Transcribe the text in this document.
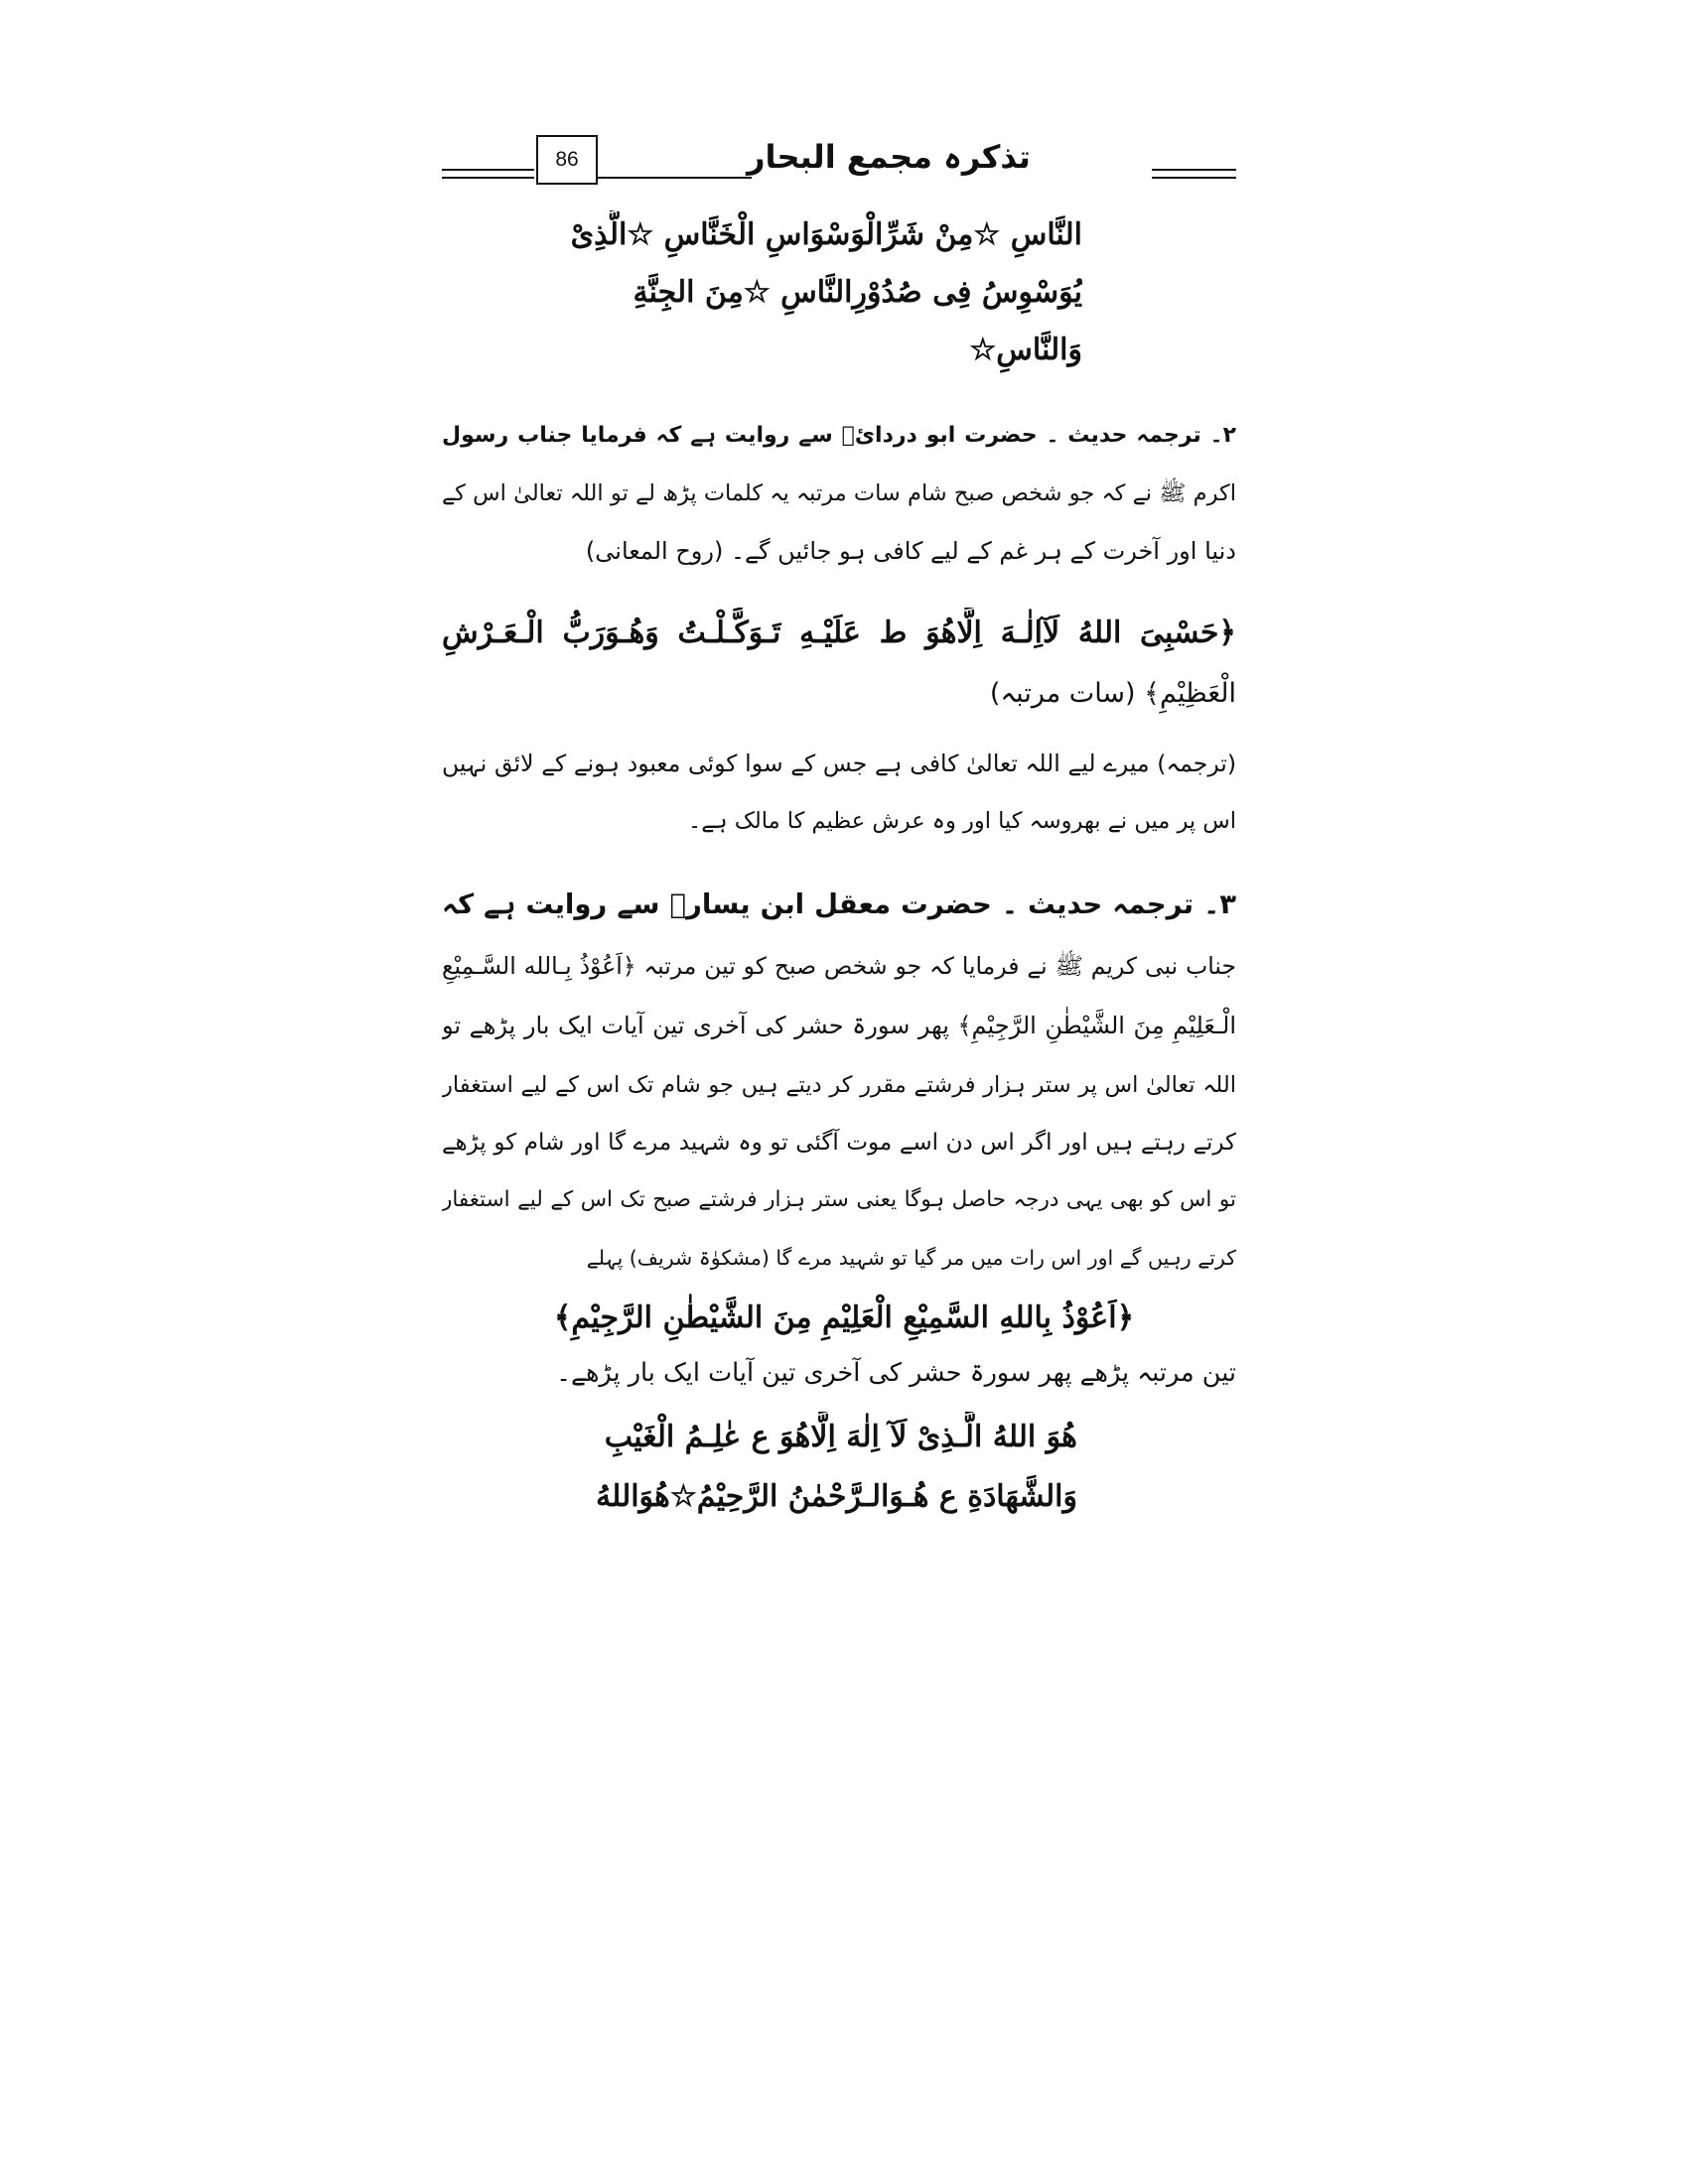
86	تذکرہ مجمع البحار
النَّاسِ ☆مِنْ شَرِّالْوَسْوَاسِ الْخَنَّاسِ ☆الَّذِىْ
يُوَسْوِسُ فِى صُدُوْرِالنَّاسِ ☆مِنَ الجِنَّةِ
وَالنَّاسِ☆
٢۔ ترجمہ حدیث ۔ حضرت ابو دردائؓ سے روایت ہے کہ فرمایا جناب رسول
اکرم ﷺ نے کہ جو شخص صبح شام سات مرتبہ یہ کلمات پڑھ لے تو اللہ تعالیٰ اس کے
دنیا اور آخرت کے ہر غم کے لیے کافی ہو جائیں گے۔ (روح المعانی)
﴿حَسْبِىَ اللهُ لَآاِلٰـهَ اِلَّاهُوَ ط عَلَيْـهِ تَـوَكَّـلْـتُ وَهُـوَرَبُّ الْـعَـرْشِ
الْعَظِيْمِ﴾ (سات مرتبہ)
(ترجمہ) میرے لیے اللہ تعالیٰ کافی ہے جس کے سوا کوئی معبود ہونے کے لائق نہیں
اس پر میں نے بھروسہ کیا اور وہ عرش عظیم کا مالک ہے۔
٣۔ ترجمہ حدیث ۔ حضرت معقل ابن یسارؓ سے روایت ہے کہ
جناب نبی کریم ﷺ نے فرمایا کہ جو شخص صبح کو تین مرتبہ ﴿اَعُوْذُ بِـالله السَّـمِيْعِ
الْـعَلِيْمِ مِنَ الشَّيْطٰنِ الرَّجِيْمِ﴾ پھر سورۃ حشر کی آخری تین آیات ایک بار پڑھے تو
اللہ تعالیٰ اس پر ستر ہزار فرشتے مقرر کر دیتے ہیں جو شام تک اس کے لیے استغفار
کرتے رہتے ہیں اور اگر اس دن اسے موت آگئی تو وہ شہید مرے گا اور شام کو پڑھے
تو اس کو بھی یہی درجہ حاصل ہوگا یعنی ستر ہزار فرشتے صبح تک اس کے لیے استغفار
کرتے رہیں گے اور اس رات میں مر گیا تو شہید مرے گا (مشکوٰۃ شریف) پہلے
﴿اَعُوْذُ بِاللهِ السَّمِيْعِ الْعَلِيْمِ مِنَ الشَّيْطٰنِ الرَّجِيْمِ﴾
تین مرتبہ پڑھے پھر سورۃ حشر کی آخری تین آیات ایک بار پڑھے۔
هُوَ اللهُ الَّـذِىْ لَآ اِلٰهَ اِلَّاهُوَ ع عٰلِـمُ الْغَيْبِ
وَالشَّهَادَةِ ع هُـوَالـرَّحْمٰنُ الرَّحِيْمُ☆هُوَاللهُ
